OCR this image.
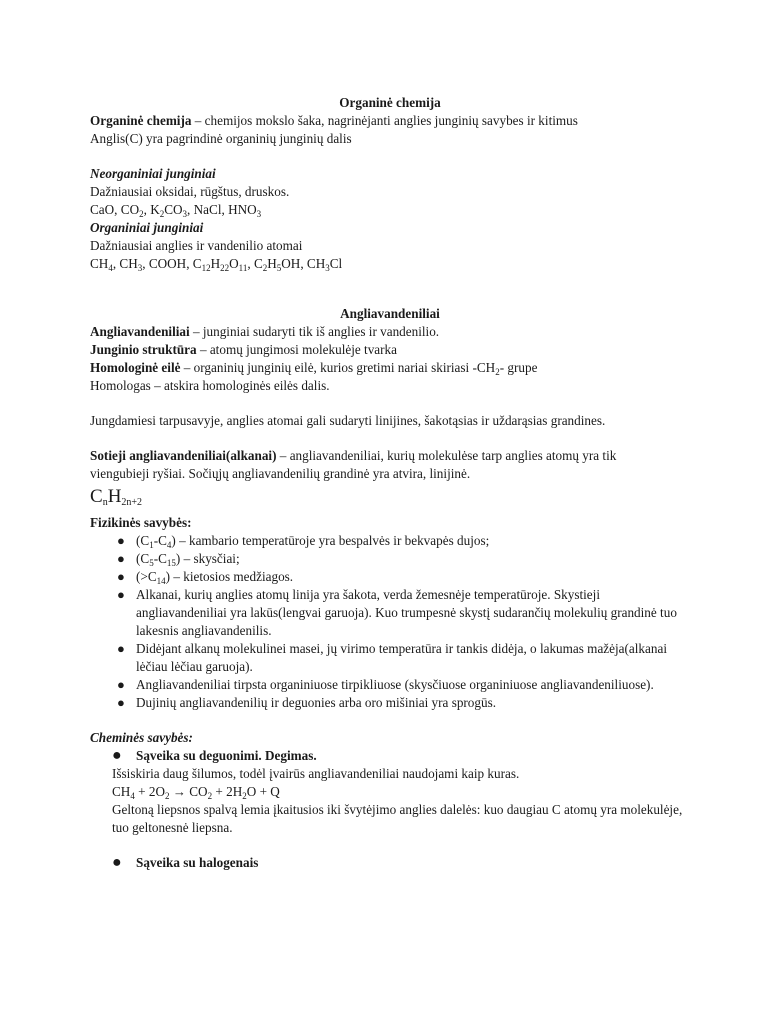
Organinė chemija

Organinė chemija – chemijos mokslo šaka, nagrinėjanti anglies junginių savybes ir kitimus

Anglis(C) yra pagrindinė organinių junginių dalis

Neorganiniai junginiai

Dažniausiai oksidai, rūgštus, druskos.

CaO, $CO_2$, $K_2CO_3$, NaCl, $HNO_3$

Organiniai junginiai

Dažniausiai anglies ir vandenilio atomai

$CH_4$, $CH_3$, COOH, $C_{12}H_{22}O_{11}$, $C_2H_5OH$, $CH_3Cl$

Angliavandeniliai

Angliavandeniliai – junginiai sudaryti tik iš anglies ir vandenilio.

Junginio struktūra – atomų jungimosi molekulėje tvarka

Homologinė eilė – organinių junginių eilė, kurios gretimi nariai skiriasi $-CH_2-$ grupe

Homologas – atskira homologinės eilės dalis.

Jungdamiesi tarpusavyje, anglies atomai gali sudaryti linijines, šakotąsias ir uždarąsias grandines.

Sotieji angliavandeniliai(alkanai) – angliavandeniliai, kurių molekulėse tarp anglies atomų yra tik

viengubieji ryšiai. Sočiųjų angliavandenilių grandinė yra atvira, linijinė.

$C_nH_{2n+2}$

Fizikinės savybės:

● $(C_1-C_4)$ – kambario temperatūroje yra bespalvės ir bekvapės dujos;
● $(C_5-C_{15})$ – skysčiai;
● $(>C_{14})$ – kietosios medžiagos.
● Alkanai, kurių anglies atomų linija yra šakota, verda žemesnėje temperatūroje. Skystieji angliavandeniliai yra lakūs(lengvai garuoja). Kuo trumpesnė skystį sudarančių molekulių grandinė tuo lakesnis angliavandenilis.
● Didėjant alkanų molekulinei masei, jų virimo temperatūra ir tankis didėja, o lakumas mažėja(alkanai lėčiau lėčiau garuoja).
● Angliavandeniliai tirpsta organiniuose tirpikliuose (skysčiuose organiniuose angliavandeniliuose).
● Dujinių angliavandenilių ir deguonies arba oro mišiniai yra sprogūs.

Cheminės savybės:

● Sąveika su deguonimi. Degimas.

Išsiskiria daug šilumos, todėl įvairūs angliavandeniliai naudojami kaip kuras.

$CH_4 + 2O_2 \to CO_2 + 2H_2O + Q$

Geltoną liepsnos spalvą lemia įkaitusios iki švytėjimo anglies dalelės: kuo daugiau C atomų yra molekulėje, tuo geltonesnė liepsna.

● Sąveika su halogenais
